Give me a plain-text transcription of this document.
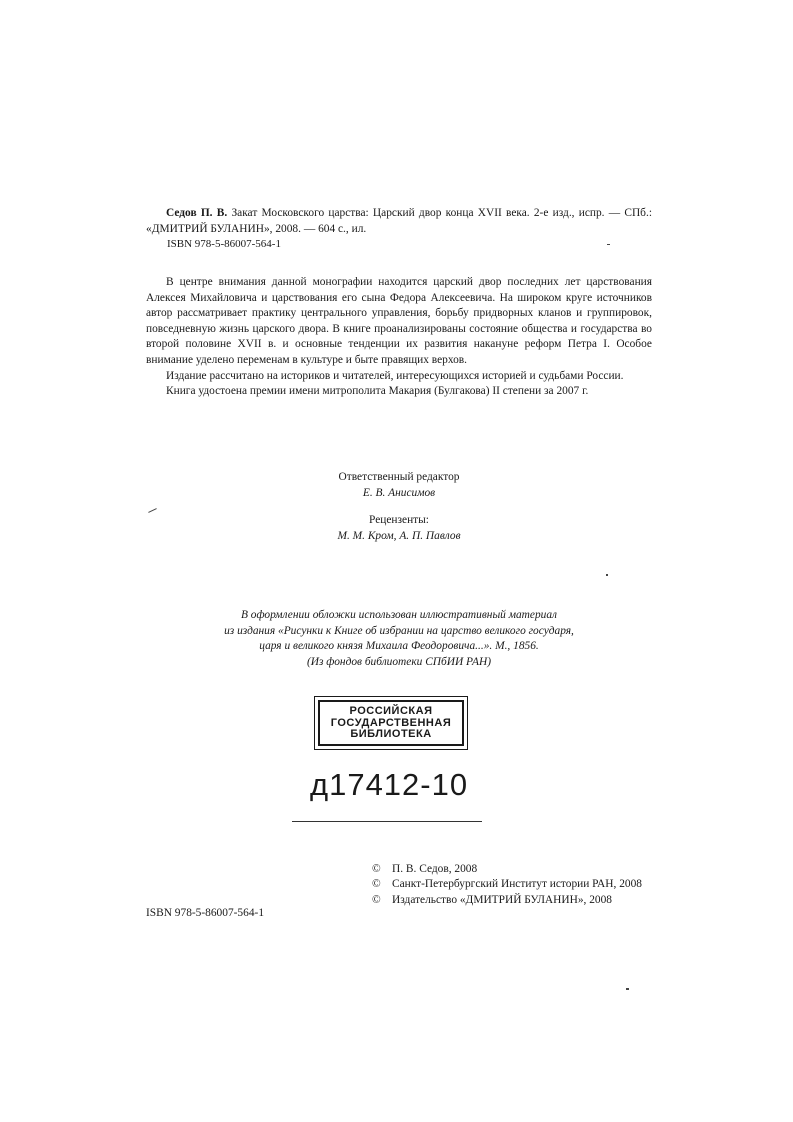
Седов П. В. Закат Московского царства: Царский двор конца XVII века. 2-е изд., испр. — СПб.: «ДМИТРИЙ БУЛАНИН», 2008. — 604 с., ил.

ISBN 978-5-86007-564-1

В центре внимания данной монографии находится царский двор последних лет царствования Алексея Михайловича и царствования его сына Федора Алексеевича. На широком круге источников автор рассматривает практику центрального управления, борьбу придворных кланов и группировок, повседневную жизнь царского двора. В книге проанализированы состояние общества и государства во второй половине XVII в. и основные тенденции их развития накануне реформ Петра I. Особое внимание уделено переменам в культуре и быте правящих верхов.

Издание рассчитано на историков и читателей, интересующихся историей и судьбами России.

Книга удостоена премии имени митрополита Макария (Булгакова) II степени за 2007 г.

Ответственный редактор
Е. В. Анисимов
Рецензенты:
М. М. Кром, А. П. Павлов
В оформлении обложки использован иллюстративный материал
из издания «Рисунки к Книге об избрании на царство великого государя,
царя и великого князя Михаила Феодоровича...». М., 1856.
(Из фондов библиотеки СПбИИ РАН)
РОССИЙСКАЯ
ГОСУДАРСТВЕННАЯ
БИБЛИОТЕКА
д17412-10
ISBN 978-5-86007-564-1
© П. В. Седов, 2008
© Санкт-Петербургский Институт истории РАН, 2008
© Издательство «ДМИТРИЙ БУЛАНИН», 2008
